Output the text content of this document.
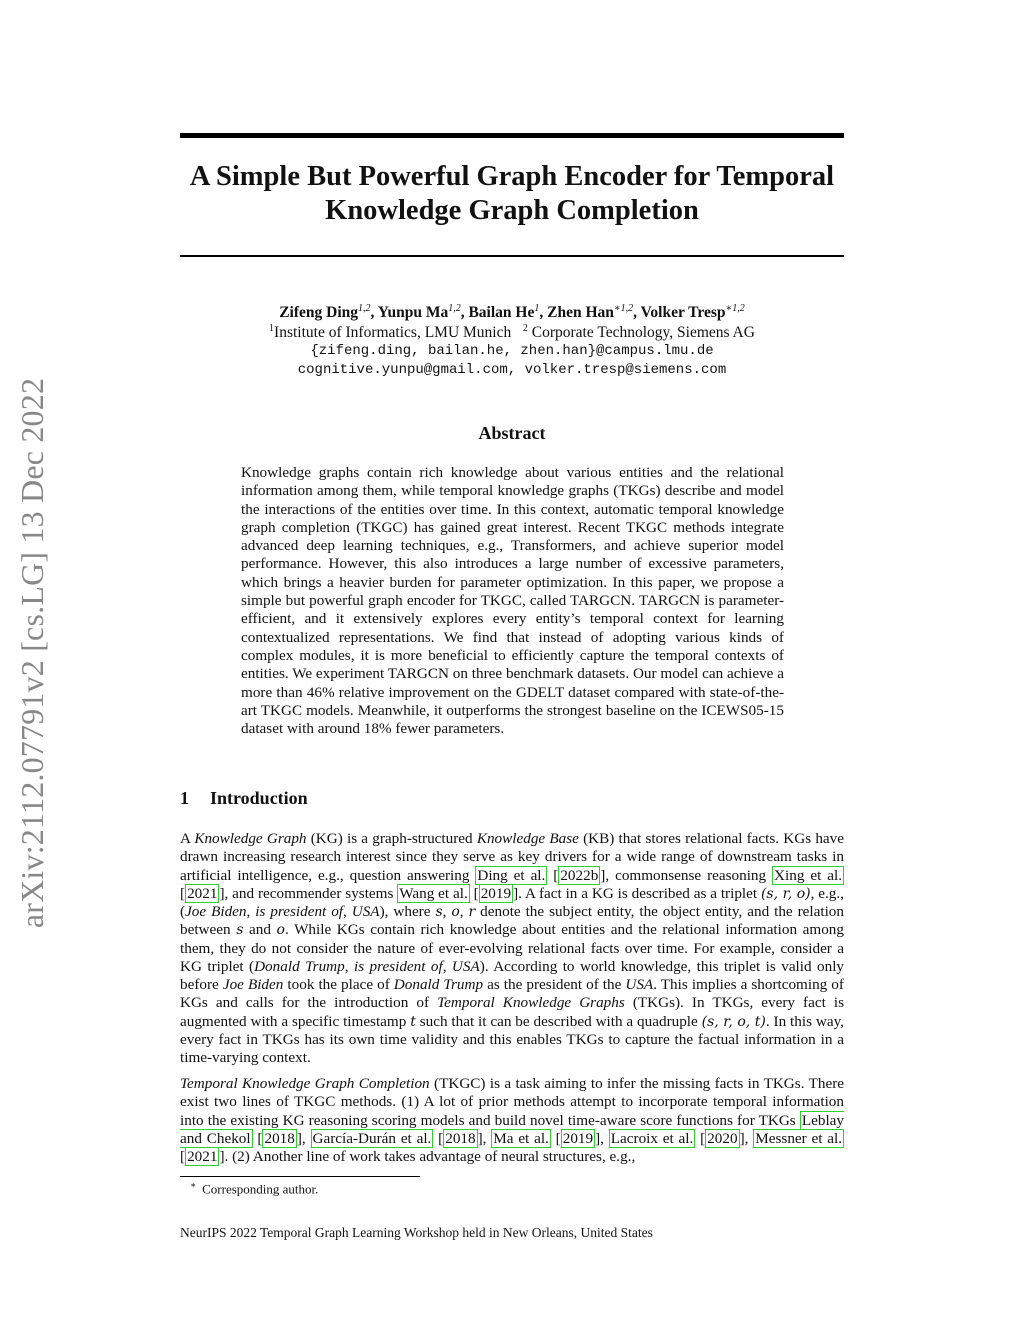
arXiv:2112.07791v2 [cs.LG] 13 Dec 2022
A Simple But Powerful Graph Encoder for Temporal
Knowledge Graph Completion
Zifeng Ding$^{1,2}$, Yunpu Ma$^{1,2}$, Bailan He$^1$, Zhen Han$^{∗1,2}$, Volker Tresp$^{∗1,2}$
$^1$Institute of Informatics, LMU Munich $^2$ Corporate Technology, Siemens AG
{zifeng.ding, bailan.he, zhen.han}@campus.lmu.de
cognitive.yunpu@gmail.com, volker.tresp@siemens.com
Abstract

Knowledge graphs contain rich knowledge about various entities and the relational information among them, while temporal knowledge graphs (TKGs) describe and model the interactions of the entities over time. In this context, automatic temporal knowledge graph completion (TKGC) has gained great interest. Recent TKGC methods integrate advanced deep learning techniques, e.g., Transformers, and achieve superior model performance. However, this also introduces a large number of excessive parameters, which brings a heavier burden for parameter optimization. In this paper, we propose a simple but powerful graph encoder for TKGC, called TARGCN. TARGCN is parameter-efficient, and it extensively explores every entity’s temporal context for learning contextualized representations. We find that instead of adopting various kinds of complex modules, it is more beneficial to efficiently capture the temporal contexts of entities. We experiment TARGCN on three benchmark datasets. Our model can achieve a more than 46% relative improvement on the GDELT dataset compared with state-of-the-art TKGC models. Meanwhile, it outperforms the strongest baseline on the ICEWS05-15 dataset with around 18% fewer parameters.

1 Introduction

A Knowledge Graph (KG) is a graph-structured Knowledge Base (KB) that stores relational facts. KGs have drawn increasing research interest since they serve as key drivers for a wide range of downstream tasks in artificial intelligence, e.g., question answering Ding et al. [ 2022b ], commonsense reasoning Xing et al. [ 2021 ], and recommender systems Wang et al. [ 2019 ]. A fact in a KG is described as a triplet (s, r, o), e.g., (Joe Biden, is president of, USA), where s, o, r denote the subject entity, the object entity, and the relation between s and o. While KGs contain rich knowledge about entities and the relational information among them, they do not consider the nature of ever-evolving relational facts over time. For example, consider a KG triplet (Donald Trump, is president of, USA). According to world knowledge, this triplet is valid only before Joe Biden took the place of Donald Trump as the president of the USA. This implies a shortcoming of KGs and calls for the introduction of Temporal Knowledge Graphs (TKGs). In TKGs, every fact is augmented with a specific timestamp t such that it can be described with a quadruple (s, r, o, t). In this way, every fact in TKGs has its own time validity and this enables TKGs to capture the factual information in a time-varying context.

Temporal Knowledge Graph Completion (TKGC) is a task aiming to infer the missing facts in TKGs. There exist two lines of TKGC methods. (1) A lot of prior methods attempt to incorporate temporal information into the existing KG reasoning scoring models and build novel time-aware score functions for TKGs Leblay and Chekol [ 2018 ], García-Durán et al. [ 2018 ], Ma et al. [ 2019 ], Lacroix et al. [ 2020 ], Messner et al. [ 2021 ]. (2) Another line of work takes advantage of neural structures, e.g.,

∗ Corresponding author.
NeurIPS 2022 Temporal Graph Learning Workshop held in New Orleans, United States
